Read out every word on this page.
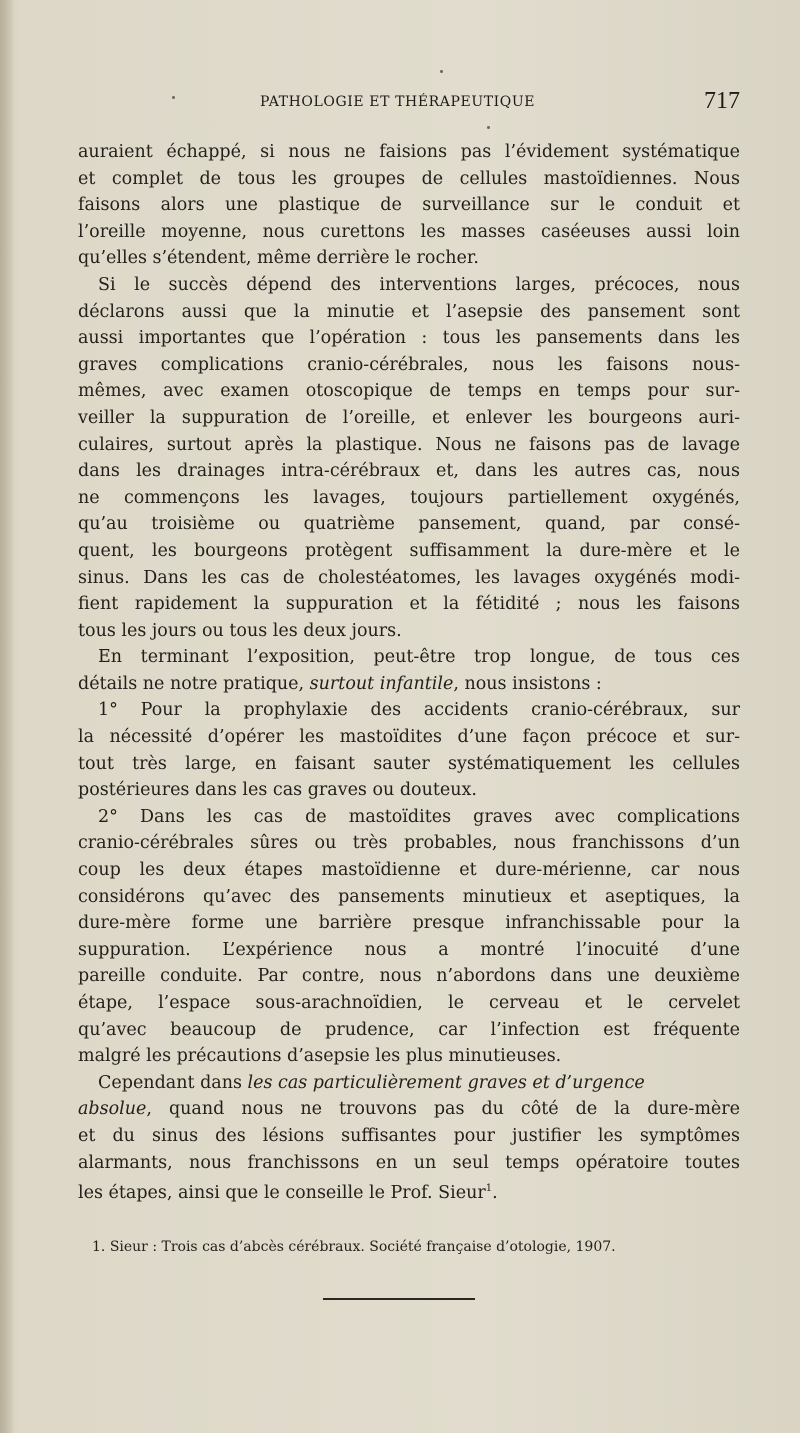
PATHOLOGIE ET THÉRAPEUTIQUE	717
auraient échappé, si nous ne faisions pas l’évidement systématique
et complet de tous les groupes de cellules mastoïdiennes. Nous
faisons alors une plastique de surveillance sur le conduit et
l’oreille moyenne, nous curettons les masses caséeuses aussi loin
qu’elles s’étendent, même derrière le rocher.
Si le succès dépend des interventions larges, précoces, nous
déclarons aussi que la minutie et l’asepsie des pansement sont
aussi importantes que l’opération : tous les pansements dans les
graves complications cranio-cérébrales, nous les faisons nous-
mêmes, avec examen otoscopique de temps en temps pour sur-
veiller la suppuration de l’oreille, et enlever les bourgeons auri-
culaires, surtout après la plastique. Nous ne faisons pas de lavage
dans les drainages intra-cérébraux et, dans les autres cas, nous
ne commençons les lavages, toujours partiellement oxygénés,
qu’au troisième ou quatrième pansement, quand, par consé-
quent, les bourgeons protègent suffisamment la dure-mère et le
sinus. Dans les cas de cholestéatomes, les lavages oxygénés modi-
fient rapidement la suppuration et la fétidité ; nous les faisons
tous les jours ou tous les deux jours.
En terminant l’exposition, peut-être trop longue, de tous ces
détails ne notre pratique, surtout infantile, nous insistons :
1° Pour la prophylaxie des accidents cranio-cérébraux, sur
la nécessité d’opérer les mastoïdites d’une façon précoce et sur-
tout très large, en faisant sauter systématiquement les cellules
postérieures dans les cas graves ou douteux.
2° Dans les cas de mastoïdites graves avec complications
cranio-cérébrales sûres ou très probables, nous franchissons d’un
coup les deux étapes mastoïdienne et dure-mérienne, car nous
considérons qu’avec des pansements minutieux et aseptiques, la
dure-mère forme une barrière presque infranchissable pour la
suppuration. L’expérience nous a montré l’inocuité d’une
pareille conduite. Par contre, nous n’abordons dans une deuxième
étape, l’espace sous-arachnoïdien, le cerveau et le cervelet
qu’avec beaucoup de prudence, car l’infection est fréquente
malgré les précautions d’asepsie les plus minutieuses.
Cependant dans les cas particulièrement graves et d’urgence
absolue, quand nous ne trouvons pas du côté de la dure-mère
et du sinus des lésions suffisantes pour justifier les symptômes
alarmants, nous franchissons en un seul temps opératoire toutes
les étapes, ainsi que le conseille le Prof. Sieur$^1$.
1. Sieur : Trois cas d’abcès cérébraux. Société française d’otologie, 1907.
